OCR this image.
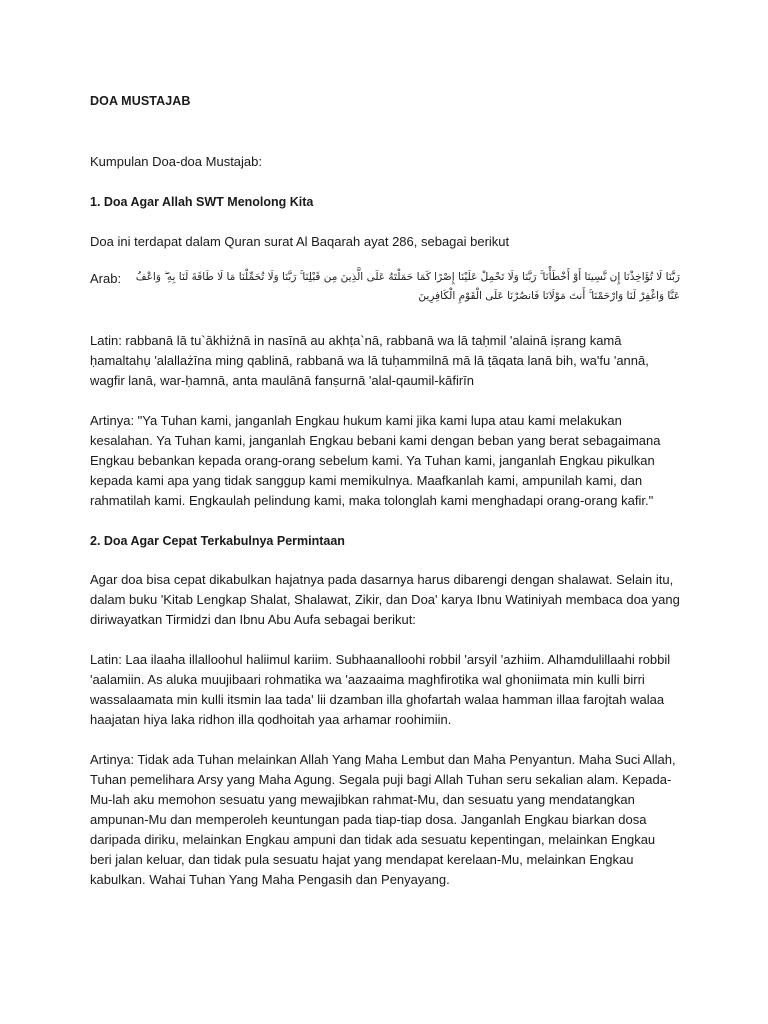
DOA MUSTAJAB

Kumpulan Doa-doa Mustajab:

1. Doa Agar Allah SWT Menolong Kita

Doa ini terdapat dalam Quran surat Al Baqarah ayat 286, sebagai berikut

Arab:	رَبَّنَا لَا تُؤَاخِذْنَا إِن نَّسِينَا أَوْ أَخْطَأْنَا ۚ رَبَّنَا وَلَا تَحْمِلْ عَلَيْنَا إِصْرًا كَمَا حَمَلْتَهُ عَلَى الَّذِينَ مِن قَبْلِنَا ۚ رَبَّنَا وَلَا تُحَمِّلْنَا مَا لَا طَاقَةَ لَنَا بِهِ ۖ وَاعْفُ عَنَّا وَاغْفِرْ لَنَا وَارْحَمْنَا ۚ أَنتَ مَوْلَانَا فَانصُرْنَا عَلَى الْقَوْمِ الْكَافِرِينَ

Latin: rabbanā lā tu`ākhiżnā in nasīnā au akhṭa`nā, rabbanā wa lā taḥmil 'alainā iṣrang kamā ḥamaltahụ 'alallażīna ming qablinā, rabbanā wa lā tuḥammilnā mā lā ṭāqata lanā bih, wa'fu 'annā, wagfir lanā, war-ḥamnā, anta maulānā fanṣurnā 'alal-qaumil-kāfirīn

Artinya: "Ya Tuhan kami, janganlah Engkau hukum kami jika kami lupa atau kami melakukan kesalahan. Ya Tuhan kami, janganlah Engkau bebani kami dengan beban yang berat sebagaimana Engkau bebankan kepada orang-orang sebelum kami. Ya Tuhan kami, janganlah Engkau pikulkan kepada kami apa yang tidak sanggup kami memikulnya. Maafkanlah kami, ampunilah kami, dan rahmatilah kami. Engkaulah pelindung kami, maka tolonglah kami menghadapi orang-orang kafir."

2. Doa Agar Cepat Terkabulnya Permintaan

Agar doa bisa cepat dikabulkan hajatnya pada dasarnya harus dibarengi dengan shalawat. Selain itu, dalam buku 'Kitab Lengkap Shalat, Shalawat, Zikir, dan Doa' karya Ibnu Watiniyah membaca doa yang diriwayatkan Tirmidzi dan Ibnu Abu Aufa sebagai berikut:

Latin: Laa ilaaha illalloohul haliimul kariim. Subhaanalloohi robbil 'arsyil 'azhiim. Alhamdulillaahi robbil 'aalamiin. As aluka muujibaari rohmatika wa 'aazaaima maghfirotika wal ghoniimata min kulli birri wassalaamata min kulli itsmin laa tada' lii dzamban illa ghofartah walaa hamman illaa farojtah walaa haajatan hiya laka ridhon illa qodhoitah yaa arhamar roohimiin.

Artinya: Tidak ada Tuhan melainkan Allah Yang Maha Lembut dan Maha Penyantun. Maha Suci Allah, Tuhan pemelihara Arsy yang Maha Agung. Segala puji bagi Allah Tuhan seru sekalian alam. Kepada-Mu-lah aku memohon sesuatu yang mewajibkan rahmat-Mu, dan sesuatu yang mendatangkan ampunan-Mu dan memperoleh keuntungan pada tiap-tiap dosa. Janganlah Engkau biarkan dosa daripada diriku, melainkan Engkau ampuni dan tidak ada sesuatu kepentingan, melainkan Engkau beri jalan keluar, dan tidak pula sesuatu hajat yang mendapat kerelaan-Mu, melainkan Engkau kabulkan. Wahai Tuhan Yang Maha Pengasih dan Penyayang.
